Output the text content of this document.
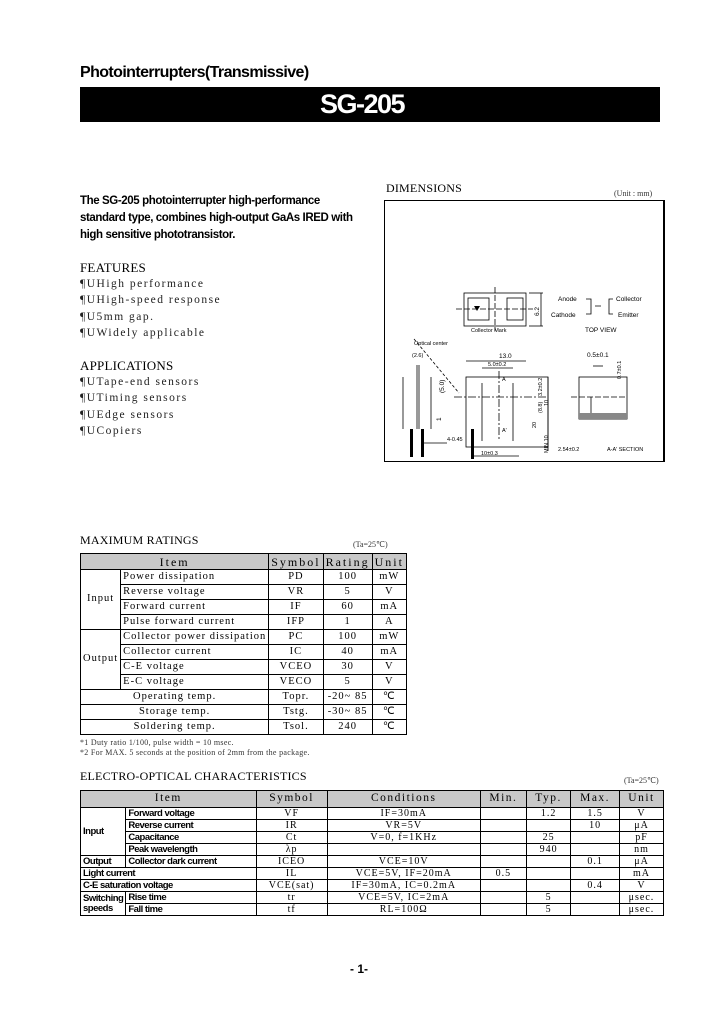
Photointerrupters(Transmissive)
SG-205
The SG-205 photointerrupter high-performance
standard type, combines high-output GaAs IRED with
high sensitive phototransistor.
FEATURES
¶UHigh performance
¶UHigh-speed response
¶U5mm gap.
¶UWidely applicable
APPLICATIONS
¶UTape-end sensors
¶UTiming sensors
¶UEdge sensors
¶UCopiers
DIMENSIONS	(Unit : mm)
Anode
Cathode
Collector
Emitter
TOP VIEW
Collector Mark
Optical center
13.0
5.0±0.2
(2.6)
(5.0)
6.2
0.5±0.1
0.7±0.1
3.2±0.2
(8.8) 10
20
MIN 10
1
4-0.45
10±0.3
2.54±0.2	A-A' SECTION
A
A'
MAXIMUM RATINGS	(Ta=25℃)
Item		Symbol	Rating	Unit
Input	Power dissipation	PD	100	mW
	Reverse voltage	VR	5	V
	Forward current	IF	60	mA
	Pulse forward current	IFP	1	A
Output	Collector power dissipation	PC	100	mW
	Collector current	IC	40	mA
	C-E voltage	VCEO	30	V
	E-C voltage	VECO	5	V
Operating temp.		Topr.	-20~ 85	℃
Storage temp.		Tstg.	-30~ 85	℃
Soldering temp.		Tsol.	240	℃
*1 Duty ratio 1/100, pulse width = 10 msec.
*2 For MAX. 5 seconds at the position of 2mm from the package.
ELECTRO-OPTICAL CHARACTERISTICS	(Ta=25℃)
Item		Symbol	Conditions	Min.	Typ.	Max.	Unit
Input	Forward voltage	VF	IF=30mA		1.2	1.5	V
	Reverse current	IR	VR=5V			10	μA
	Capacitance	Ct	V=0, f=1KHz		25		pF
	Peak wavelength	λp			940		nm
Output	Collector dark current	ICEO	VCE=10V			0.1	μA
Light current		IL	VCE=5V, IF=20mA	0.5			mA
C-E saturation voltage		VCE(sat)	IF=30mA, IC=0.2mA			0.4	V
Switching speeds	Rise time	tr	VCE=5V, IC=2mA		5		μsec.
	Fall time	tf	RL=100Ω		5		μsec.
- 1-
